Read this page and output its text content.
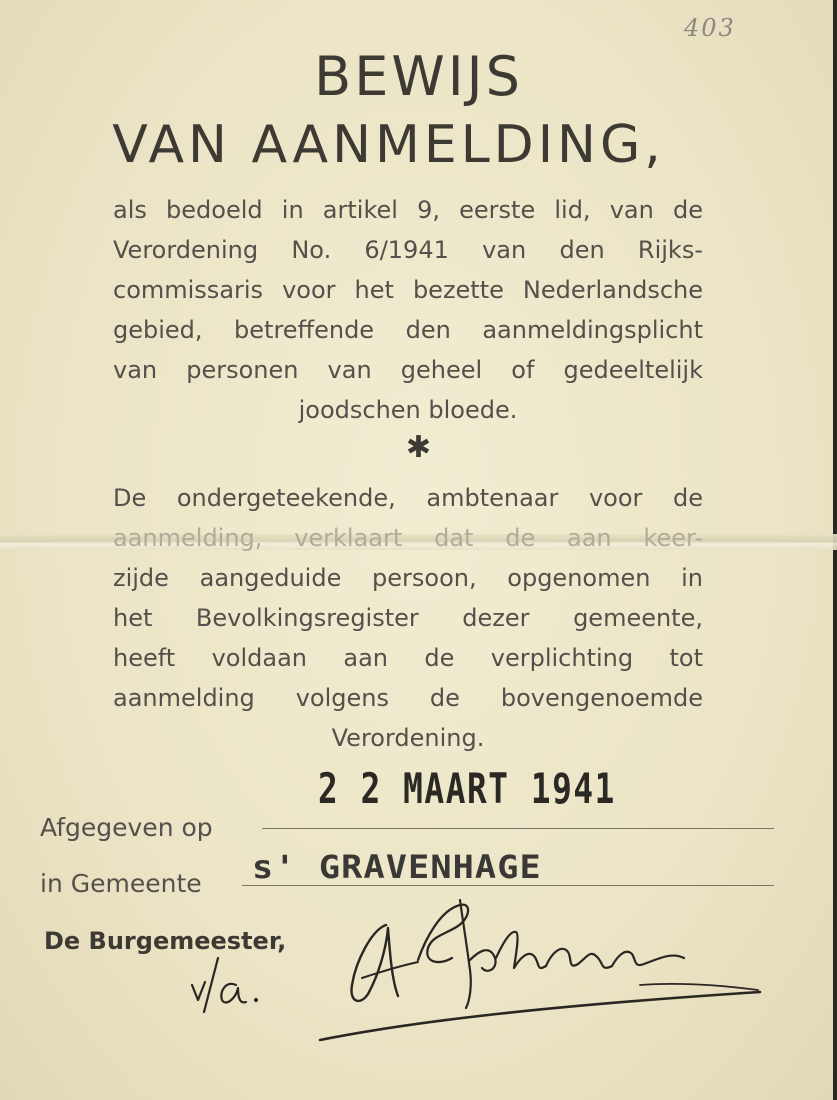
403
BEWIJS
VAN AANMELDING,
als bedoeld in artikel 9, eerste lid, van de
Verordening No. 6/1941 van den Rijks-
commissaris voor het bezette Nederlandsche
gebied, betreffende den aanmeldingsplicht
van personen van geheel of gedeeltelijk
joodschen bloede.
✱
De ondergeteekende, ambtenaar voor de
aanmelding, verklaart dat de aan keer-
zijde aangeduide persoon, opgenomen in
het Bevolkingsregister dezer gemeente,
heeft voldaan aan de verplichting tot
aanmelding volgens de bovengenoemde
Verordening.
2 2 MAART 1941
Afgegeven op
in Gemeente s' GRAVENHAGE
De Burgemeester,
